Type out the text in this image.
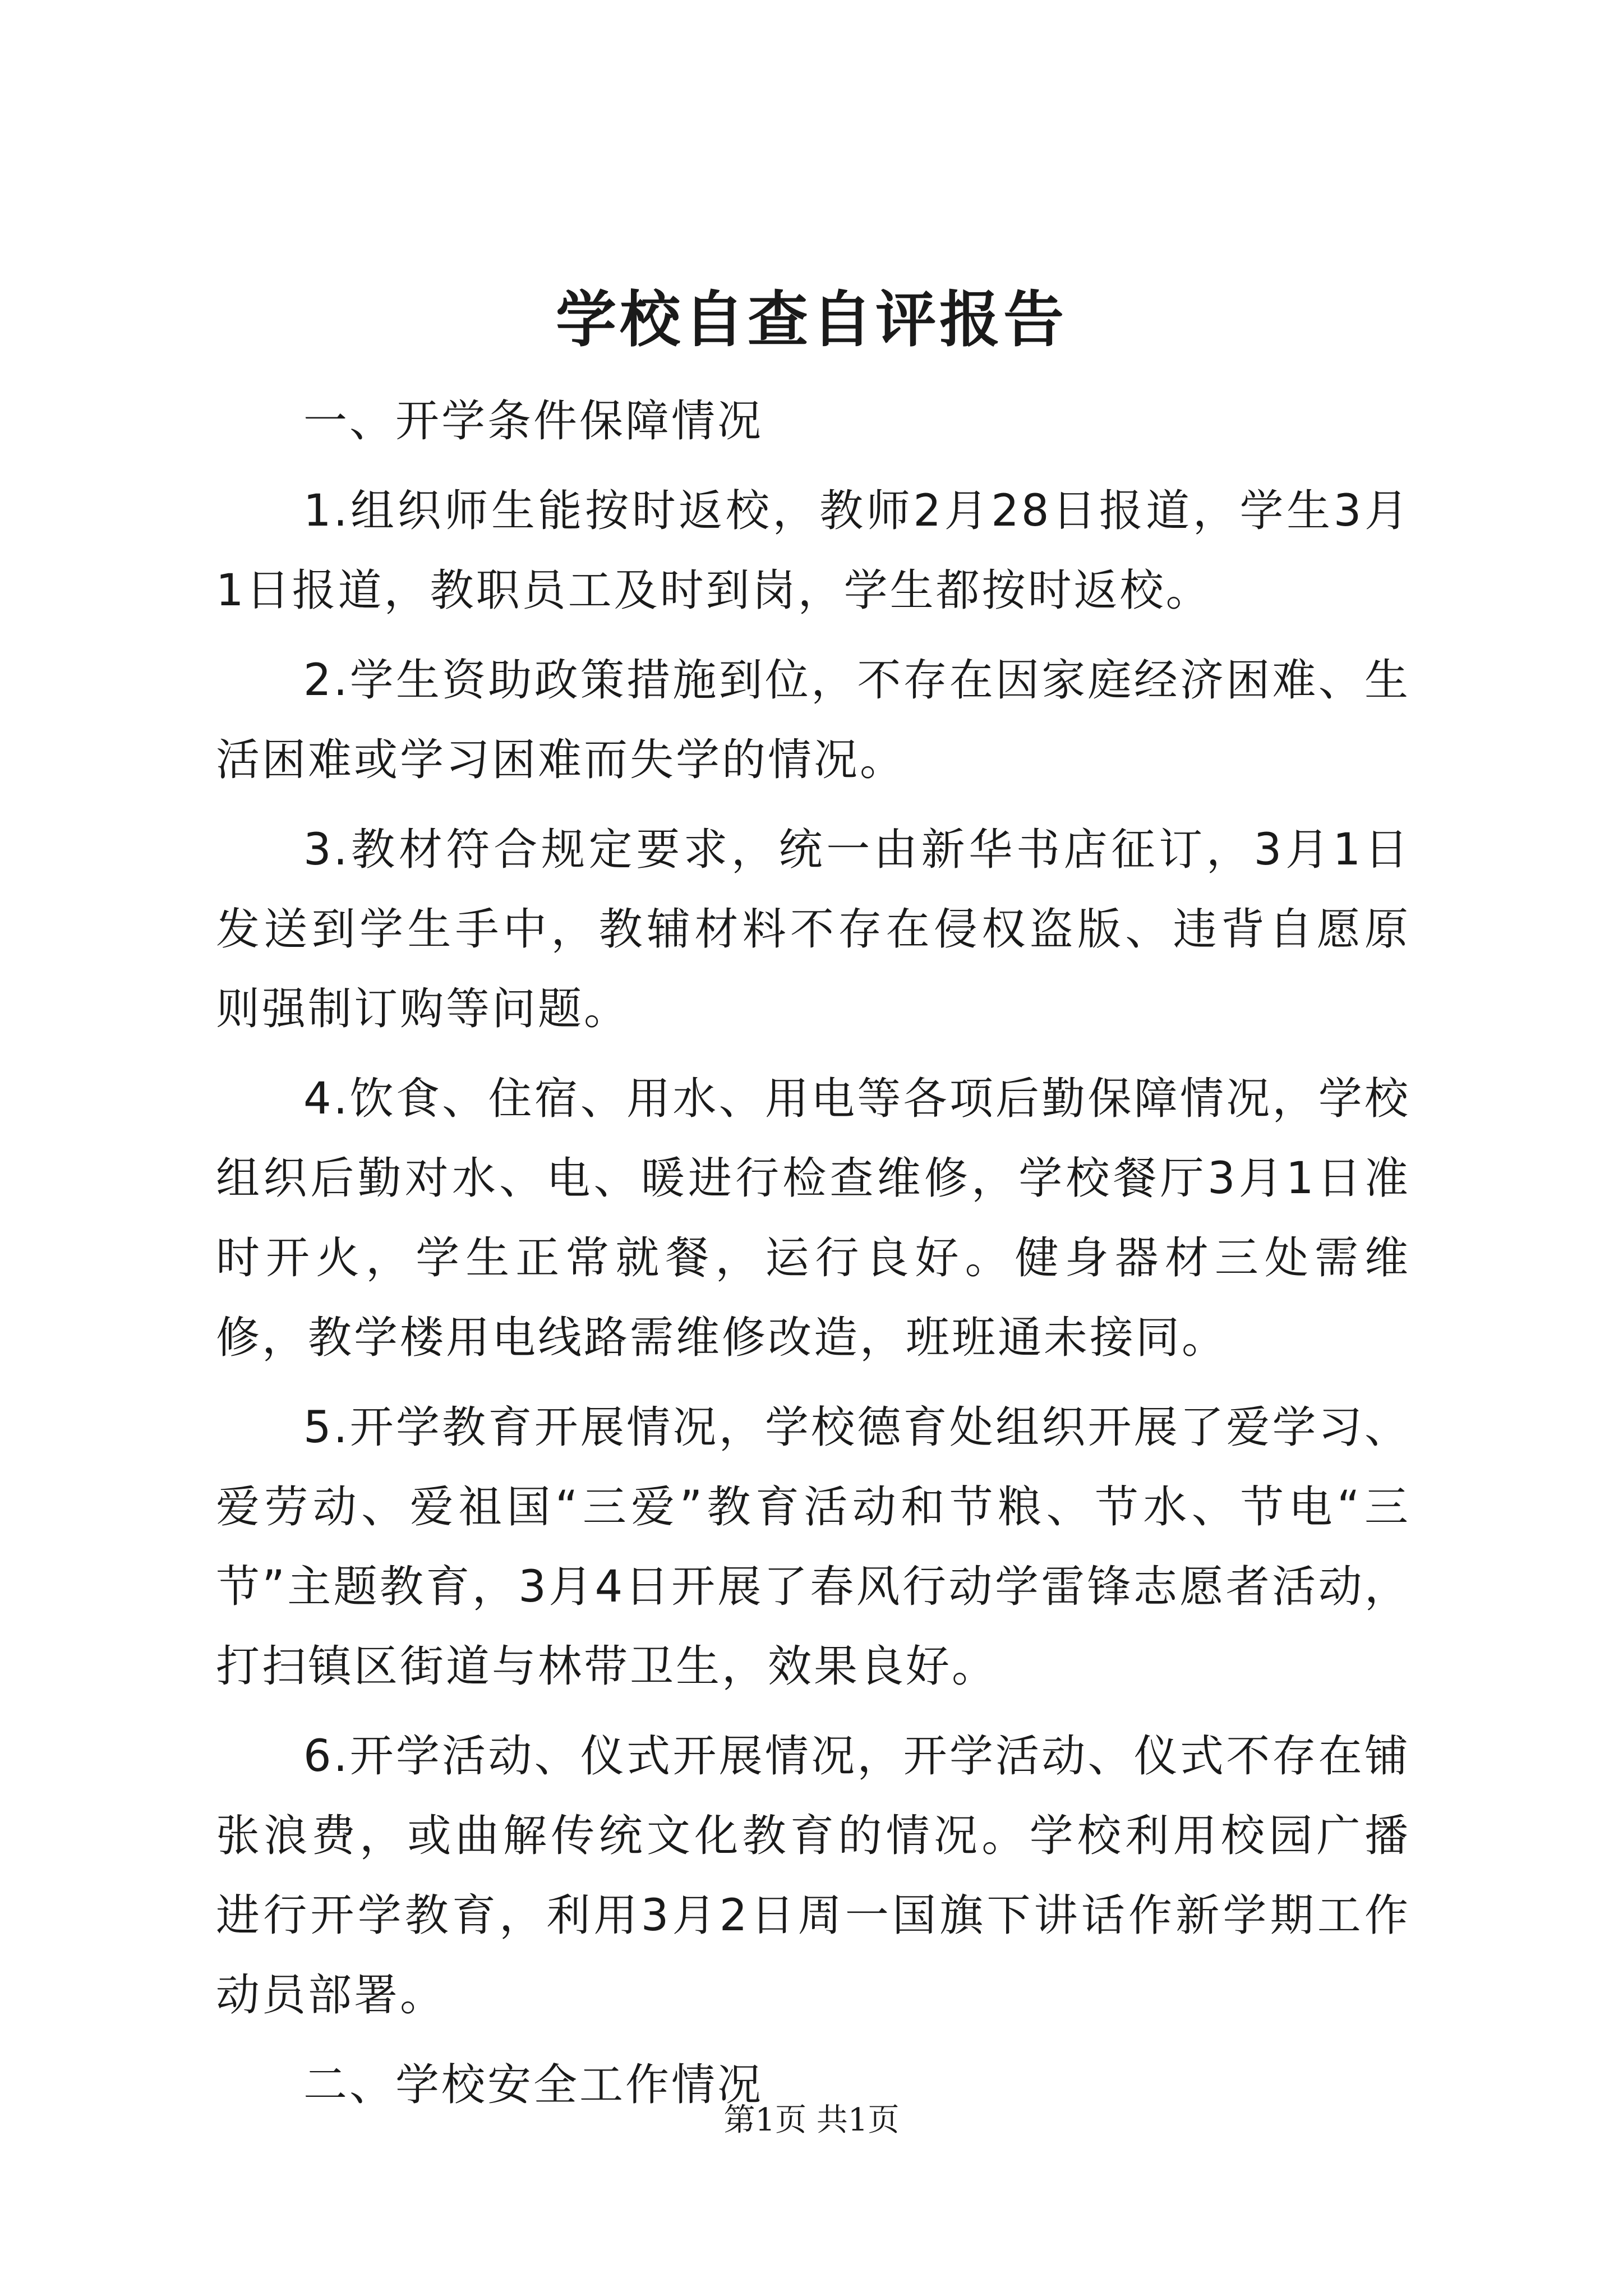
学校自查自评报告

一、开学条件保障情况

1.组织师生能按时返校，教师2月28日报道，学生3月1日报道，教职员工及时到岗，学生都按时返校。

2.学生资助政策措施到位，不存在因家庭经济困难、生活困难或学习困难而失学的情况。

3.教材符合规定要求，统一由新华书店征订，3月1日发送到学生手中，教辅材料不存在侵权盗版、违背自愿原则强制订购等问题。

4.饮食、住宿、用水、用电等各项后勤保障情况，学校组织后勤对水、电、暖进行检查维修，学校餐厅3月1日准时开火，学生正常就餐，运行良好。健身器材三处需维修，教学楼用电线路需维修改造，班班通未接同。

5.开学教育开展情况，学校德育处组织开展了爱学习、爱劳动、爱祖国“三爱”教育活动和节粮、节水、节电“三节”主题教育，3月4日开展了春风行动学雷锋志愿者活动，打扫镇区街道与林带卫生，效果良好。

6.开学活动、仪式开展情况，开学活动、仪式不存在铺张浪费，或曲解传统文化教育的情况。学校利用校园广播进行开学教育，利用3月2日周一国旗下讲话作新学期工作动员部署。

二、学校安全工作情况

第1页 共1页
